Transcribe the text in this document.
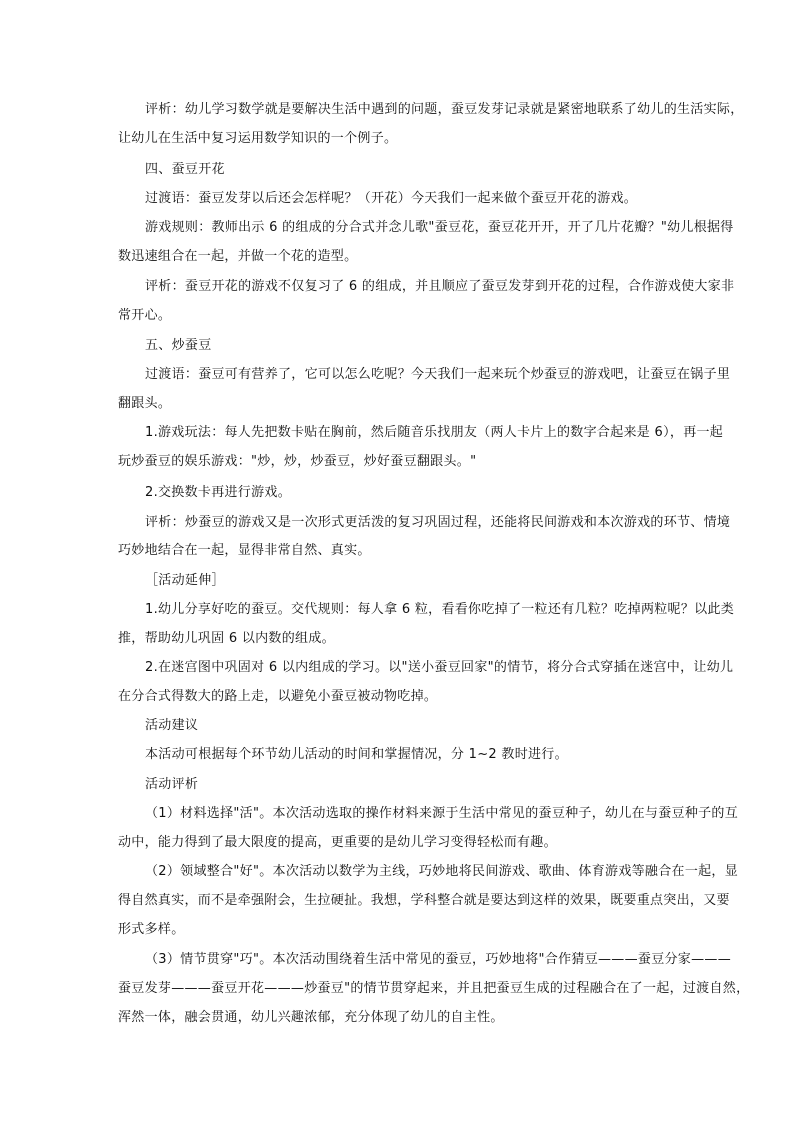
评析：幼儿学习数学就是要解决生活中遇到的问题，蚕豆发芽记录就是紧密地联系了幼儿的生活实际，
让幼儿在生活中复习运用数学知识的一个例子。
四、蚕豆开花
过渡语：蚕豆发芽以后还会怎样呢？（开花）今天我们一起来做个蚕豆开花的游戏。
游戏规则：教师出示 6 的组成的分合式并念儿歌"蚕豆花，蚕豆花开开，开了几片花瓣？"幼儿根据得
数迅速组合在一起，并做一个花的造型。
评析：蚕豆开花的游戏不仅复习了 6 的组成，并且顺应了蚕豆发芽到开花的过程，合作游戏使大家非
常开心。
五、炒蚕豆
过渡语：蚕豆可有营养了，它可以怎么吃呢？今天我们一起来玩个炒蚕豆的游戏吧，让蚕豆在锅子里
翻跟头。
1.游戏玩法：每人先把数卡贴在胸前，然后随音乐找朋友（两人卡片上的数字合起来是 6），再一起
玩炒蚕豆的娱乐游戏："炒，炒，炒蚕豆，炒好蚕豆翻跟头。"
2.交换数卡再进行游戏。
评析：炒蚕豆的游戏又是一次形式更活泼的复习巩固过程，还能将民间游戏和本次游戏的环节、情境
巧妙地结合在一起，显得非常自然、真实。
［活动延伸］
1.幼儿分享好吃的蚕豆。交代规则：每人拿 6 粒，看看你吃掉了一粒还有几粒？吃掉两粒呢？以此类
推，帮助幼儿巩固 6 以内数的组成。
2.在迷宫图中巩固对 6 以内组成的学习。以"送小蚕豆回家"的情节，将分合式穿插在迷宫中，让幼儿
在分合式得数大的路上走，以避免小蚕豆被动物吃掉。
活动建议
本活动可根据每个环节幼儿活动的时间和掌握情况，分 1~2 教时进行。
活动评析
（1）材料选择"活"。本次活动选取的操作材料来源于生活中常见的蚕豆种子，幼儿在与蚕豆种子的互
动中，能力得到了最大限度的提高，更重要的是幼儿学习变得轻松而有趣。
（2）领域整合"好"。本次活动以数学为主线，巧妙地将民间游戏、歌曲、体育游戏等融合在一起，显
得自然真实，而不是牵强附会，生拉硬扯。我想，学科整合就是要达到这样的效果，既要重点突出，又要
形式多样。
（3）情节贯穿"巧"。本次活动围绕着生活中常见的蚕豆，巧妙地将"合作猜豆———蚕豆分家———
蚕豆发芽———蚕豆开花———炒蚕豆"的情节贯穿起来，并且把蚕豆生成的过程融合在了一起，过渡自然，
浑然一体，融会贯通，幼儿兴趣浓郁，充分体现了幼儿的自主性。
